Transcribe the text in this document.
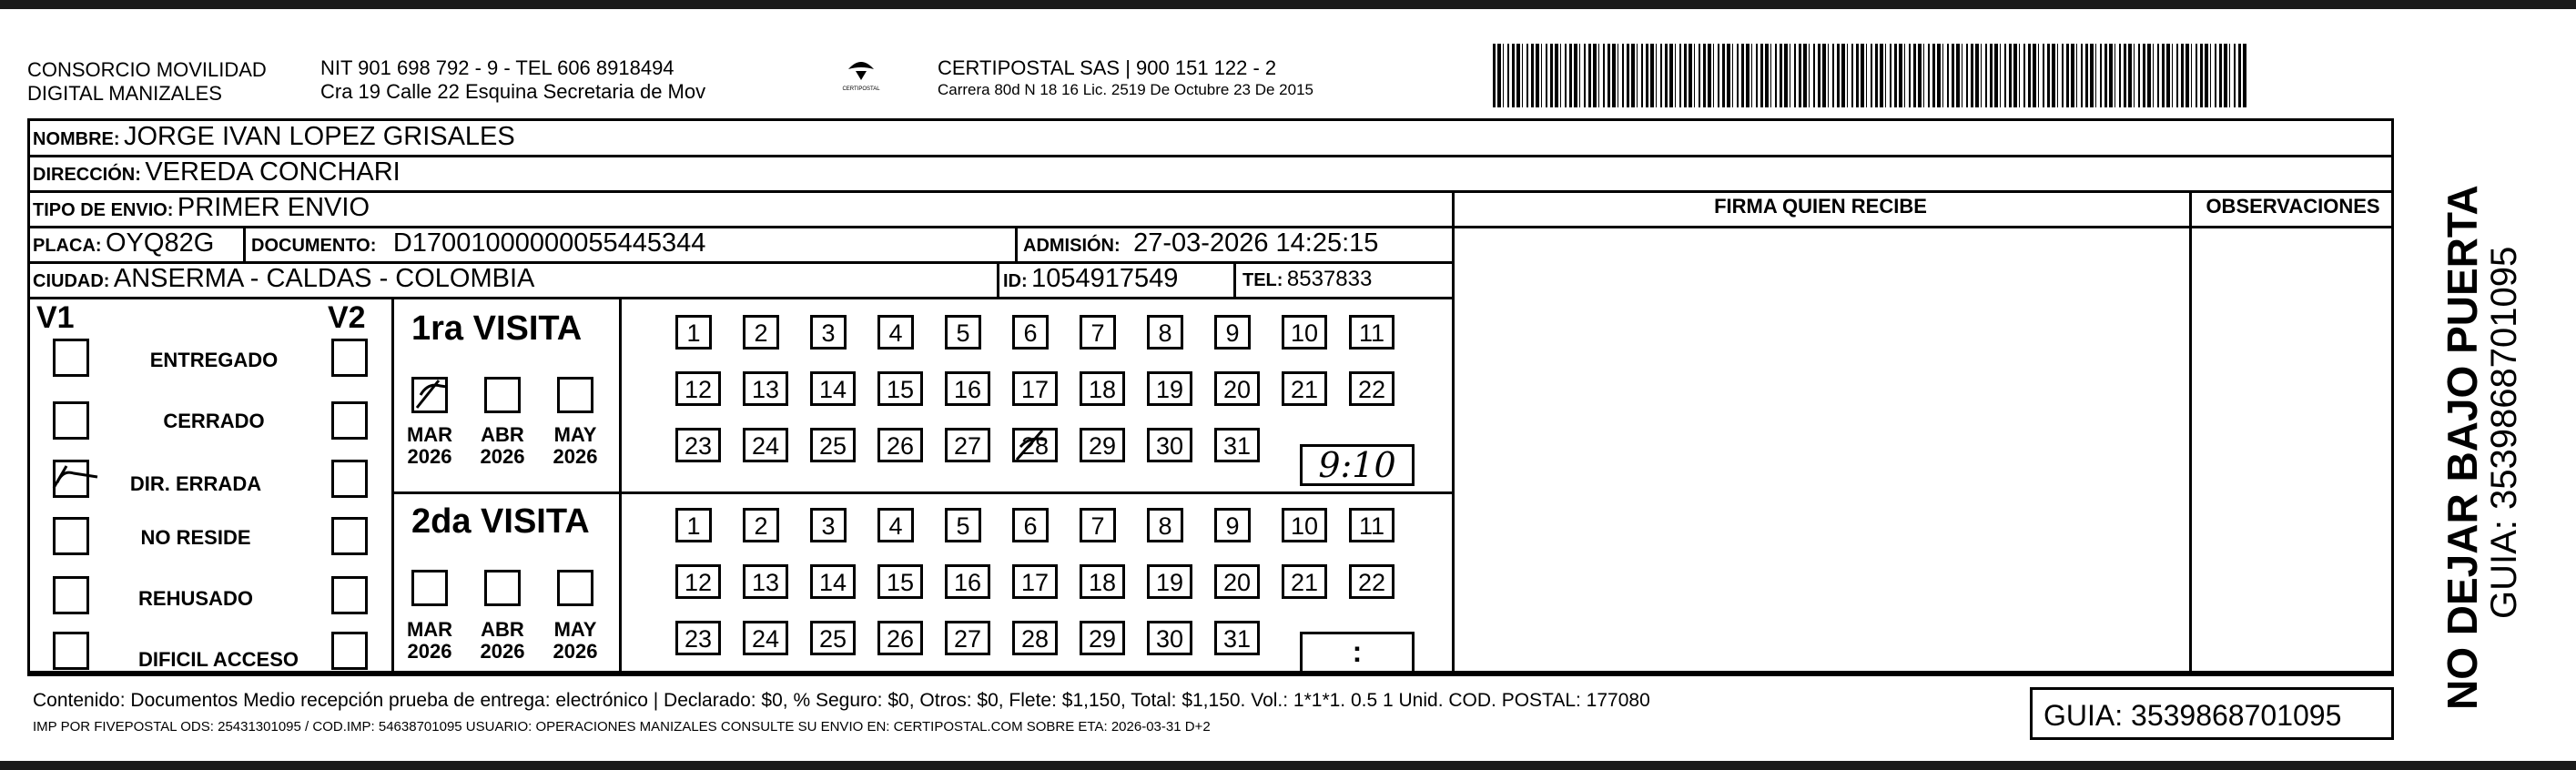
CONSORCIO MOVILIDAD
DIGITAL MANIZALES
NIT 901 698 792 - 9 - TEL 606 8918494
Cra 19 Calle 22 Esquina Secretaria de Mov	CERTIPOSTAL
CERTIPOSTAL SAS | 900 151 122 - 2
Carrera 80d N 18 16 Lic. 2519 De Octubre 23 De 2015
NOMBRE: JORGE IVAN LOPEZ GRISALES
DIRECCIÓN: VEREDA CONCHARI
TIPO DE ENVIO: PRIMER ENVIO	FIRMA QUIEN RECIBE	OBSERVACIONES
PLACA: OYQ82G DOCUMENTO: D17001000000055445344	ADMISIÓN: 27-03-2026 14:25:15
CIUDAD: ANSERMA - CALDAS - COLOMBIA	ID: 1054917549	TEL: 8537833
V1	V2
ENTREGADO
CERRADO
DIR. ERRADA
NO RESIDE
REHUSADO
DIFICIL ACCESO
1ra VISITA
2da VISITA
MAR
2026
ABR
2026
MAY
2026
MAR
2026
ABR
2026
MAY
2026
1	2	3	4	5	6	7	8	9	10	11
12	13	14	15	16	17	18	19	20	21	22
23	24	25	26	27	28	29	30	31
1	2	3	4	5	6	7	8	9	10	11
12	13	14	15	16	17	18	19	20	21	22
23	24	25	26	27	28	29	30	31
9:10
:
Contenido: Documentos Medio recepción prueba de entrega: electrónico | Declarado: $0, % Seguro: $0, Otros: $0, Flete: $1,150, Total: $1,150. Vol.: 1*1*1. 0.5 1 Unid. COD. POSTAL: 177080
IMP POR FIVEPOSTAL ODS: 25431301095 / COD.IMP: 54638701095 USUARIO: OPERACIONES MANIZALES CONSULTE SU ENVIO EN: CERTIPOSTAL.COM SOBRE ETA: 2026-03-31 D+2	GUIA: 3539868701095
NO DEJAR BAJO PUERTA
GUIA: 3539868701095
